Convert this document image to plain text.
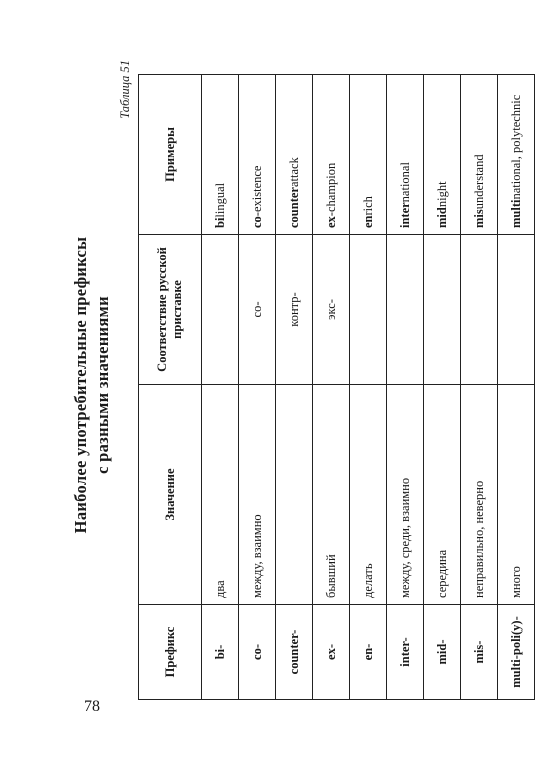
78
Наиболее употребительные префиксы с разными значениями
Таблица 51
Префикс	Значение	Соответствие русской приставке	Примеры
bi-	два		bilingual
co-	между, взаимно	со-	co-existence
counter-		контр-	counterattack
ex-	бывший	экс-	ex-champion
en-	делать		enrich
inter-	между, среди, взаимно		international
mid-	середина		midnight
mis-	неправильно, неверно		misunderstand
multi-poli(y)-	много		multinational, polytechnic
